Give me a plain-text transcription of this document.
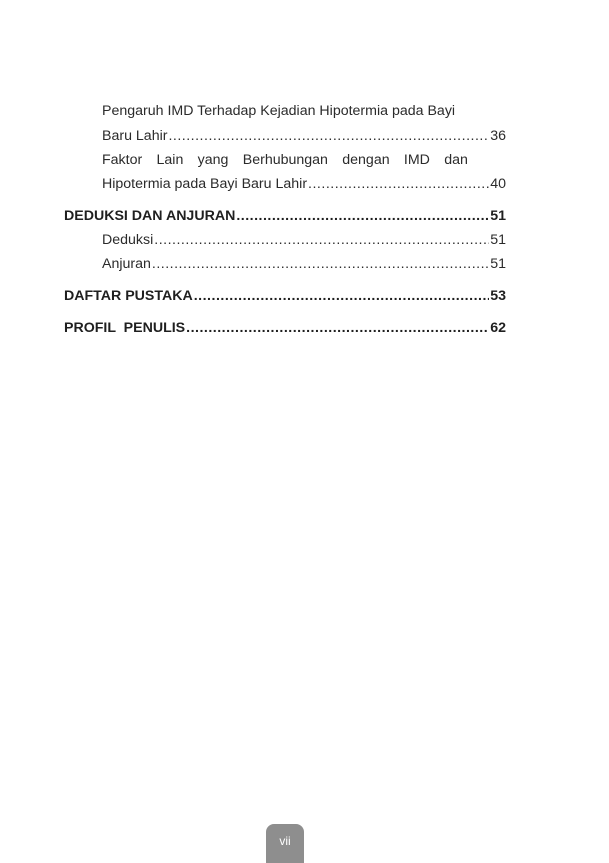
Pengaruh IMD Terhadap Kejadian Hipotermia pada Bayi
Baru Lahir .....	36
Faktor Lain yang Berhubungan dengan IMD dan
Hipotermia pada Bayi Baru Lahir .....	40
DEDUKSI DAN ANJURAN .....	51
Deduksi .....	51
Anjuran .....	51
DAFTAR PUSTAKA .....	53
PROFIL  PENULIS .....	62
vii
